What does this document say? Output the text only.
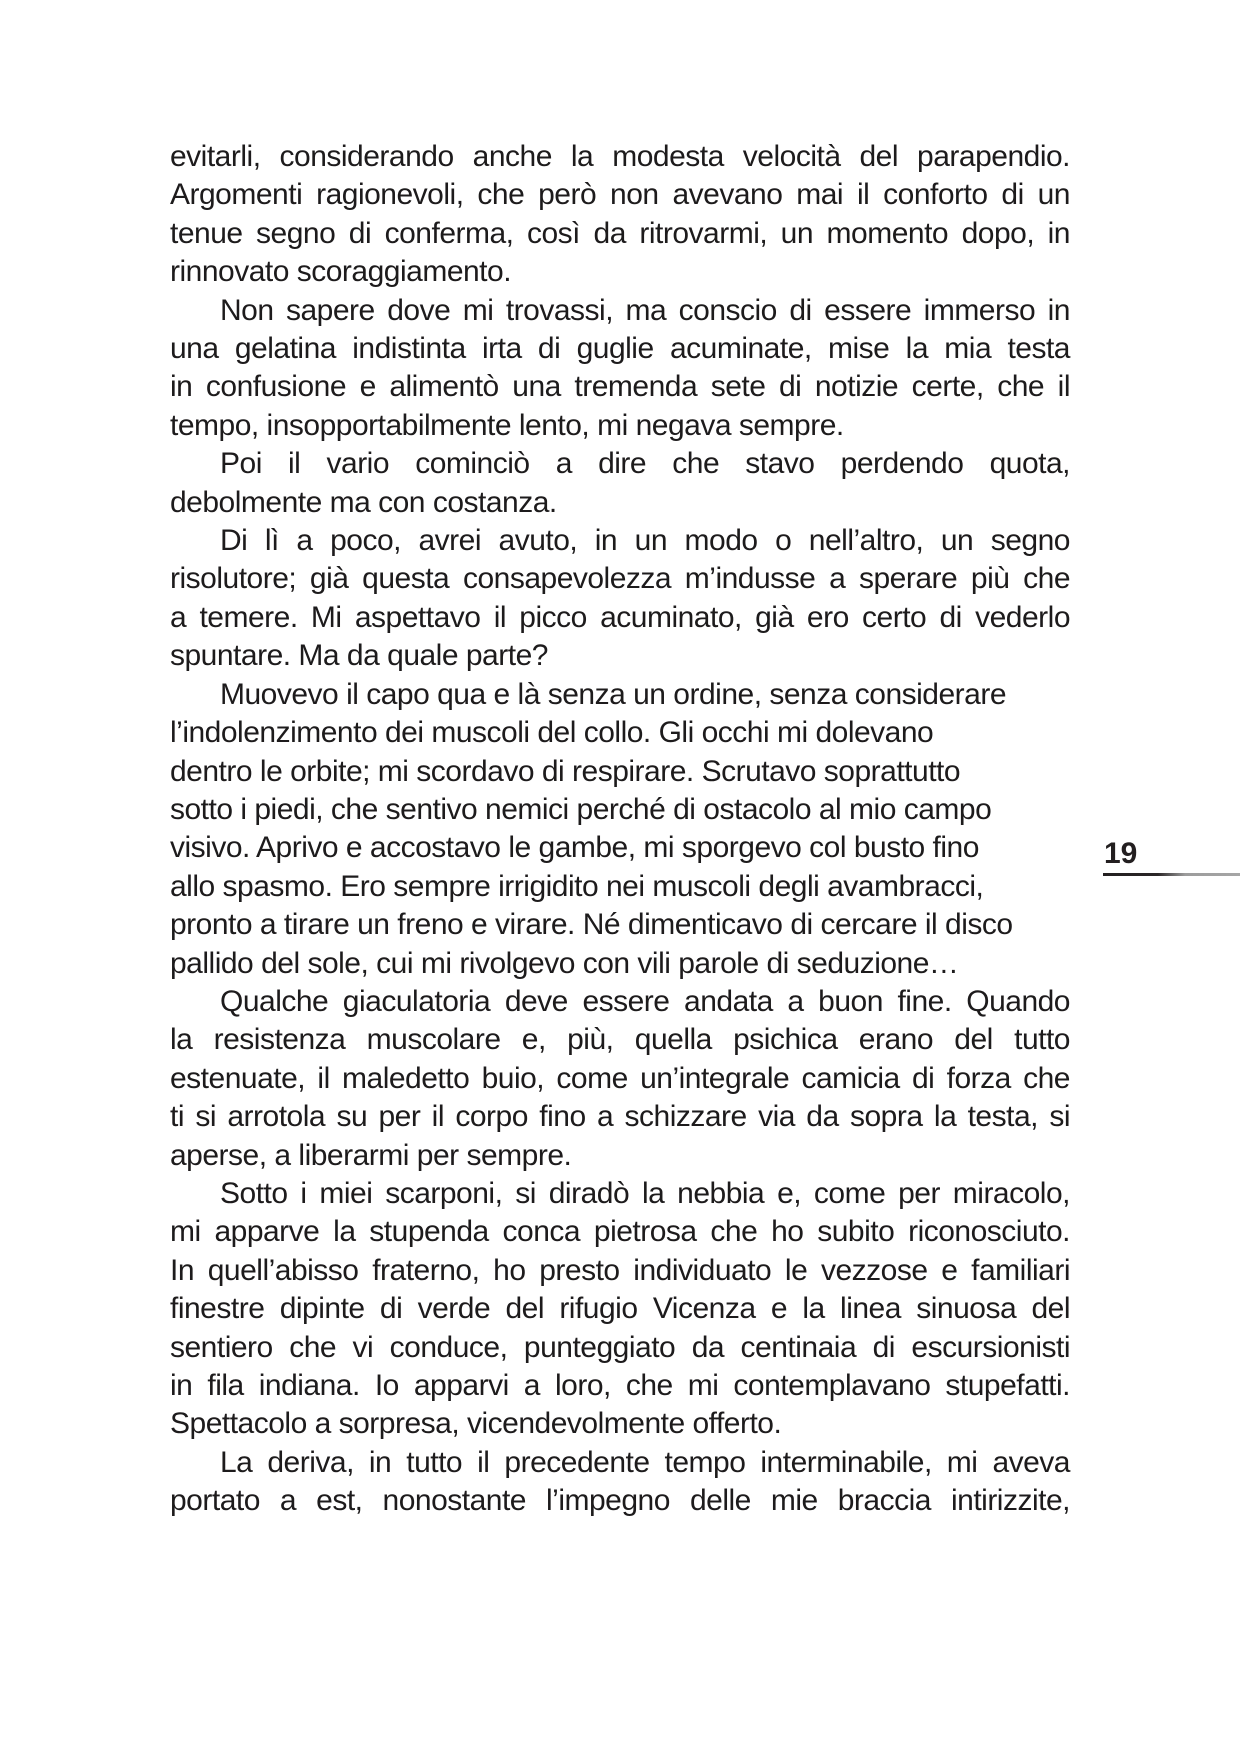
evitarli, considerando anche la modesta velocità del parapendio.
Argomenti ragionevoli, che però non avevano mai il conforto di un
tenue segno di conferma, così da ritrovarmi, un momento dopo, in
rinnovato scoraggiamento.
Non sapere dove mi trovassi, ma conscio di essere immerso in
una gelatina indistinta irta di guglie acuminate, mise la mia testa
in confusione e alimentò una tremenda sete di notizie certe, che il
tempo, insopportabilmente lento, mi negava sempre.
Poi il vario cominciò a dire che stavo perdendo quota,
debolmente ma con costanza.
Di lì a poco, avrei avuto, in un modo o nell’altro, un segno
risolutore; già questa consapevolezza m’indusse a sperare più che
a temere. Mi aspettavo il picco acuminato, già ero certo di vederlo
spuntare. Ma da quale parte?
Muovevo il capo qua e là senza un ordine, senza considerare
l’indolenzimento dei muscoli del collo. Gli occhi mi dolevano
dentro le orbite; mi scordavo di respirare. Scrutavo soprattutto
sotto i piedi, che sentivo nemici perché di ostacolo al mio campo
visivo. Aprivo e accostavo le gambe, mi sporgevo col busto fino
allo spasmo. Ero sempre irrigidito nei muscoli degli avambracci,
pronto a tirare un freno e virare. Né dimenticavo di cercare il disco
pallido del sole, cui mi rivolgevo con vili parole di seduzione…
Qualche giaculatoria deve essere andata a buon fine. Quando
la resistenza muscolare e, più, quella psichica erano del tutto
estenuate, il maledetto buio, come un’integrale camicia di forza che
ti si arrotola su per il corpo fino a schizzare via da sopra la testa, si
aperse, a liberarmi per sempre.
Sotto i miei scarponi, si diradò la nebbia e, come per miracolo,
mi apparve la stupenda conca pietrosa che ho subito riconosciuto.
In quell’abisso fraterno, ho presto individuato le vezzose e familiari
finestre dipinte di verde del rifugio Vicenza e la linea sinuosa del
sentiero che vi conduce, punteggiato da centinaia di escursionisti
in fila indiana. Io apparvi a loro, che mi contemplavano stupefatti.
Spettacolo a sorpresa, vicendevolmente offerto.
La deriva, in tutto il precedente tempo interminabile, mi aveva
portato a est, nonostante l’impegno delle mie braccia intirizzite,
19
